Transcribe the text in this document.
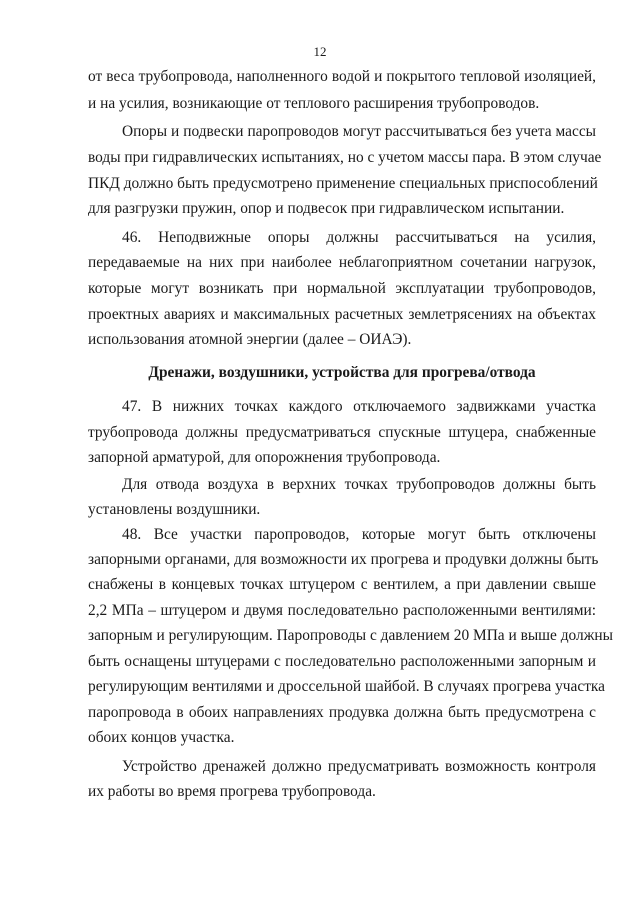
12
от веса трубопровода, наполненного водой и покрытого тепловой изоляцией,
и на усилия, возникающие от теплового расширения трубопроводов.
Опоры и подвески паропроводов могут рассчитываться без учета массы
воды при гидравлических испытаниях, но с учетом массы пара. В этом случае
ПКД должно быть предусмотрено применение специальных приспособлений
для разгрузки пружин, опор и подвесок при гидравлическом испытании.
46. Неподвижные опоры должны рассчитываться на усилия,
передаваемые на них при наиболее неблагоприятном сочетании нагрузок,
которые могут возникать при нормальной эксплуатации трубопроводов,
проектных авариях и максимальных расчетных землетрясениях на объектах
использования атомной энергии (далее – ОИАЭ).
Дренажи, воздушники, устройства для прогрева/отвода
47. В нижних точках каждого отключаемого задвижками участка
трубопровода должны предусматриваться спускные штуцера, снабженные
запорной арматурой, для опорожнения трубопровода.
Для отвода воздуха в верхних точках трубопроводов должны быть
установлены воздушники.
48. Все участки паропроводов, которые могут быть отключены
запорными органами, для возможности их прогрева и продувки должны быть
снабжены в концевых точках штуцером с вентилем, а при давлении свыше
2,2 МПа – штуцером и двумя последовательно расположенными вентилями:
запорным и регулирующим. Паропроводы с давлением 20 МПа и выше должны
быть оснащены штуцерами с последовательно расположенными запорным и
регулирующим вентилями и дроссельной шайбой. В случаях прогрева участка
паропровода в обоих направлениях продувка должна быть предусмотрена с
обоих концов участка.
Устройство дренажей должно предусматривать возможность контроля
их работы во время прогрева трубопровода.
